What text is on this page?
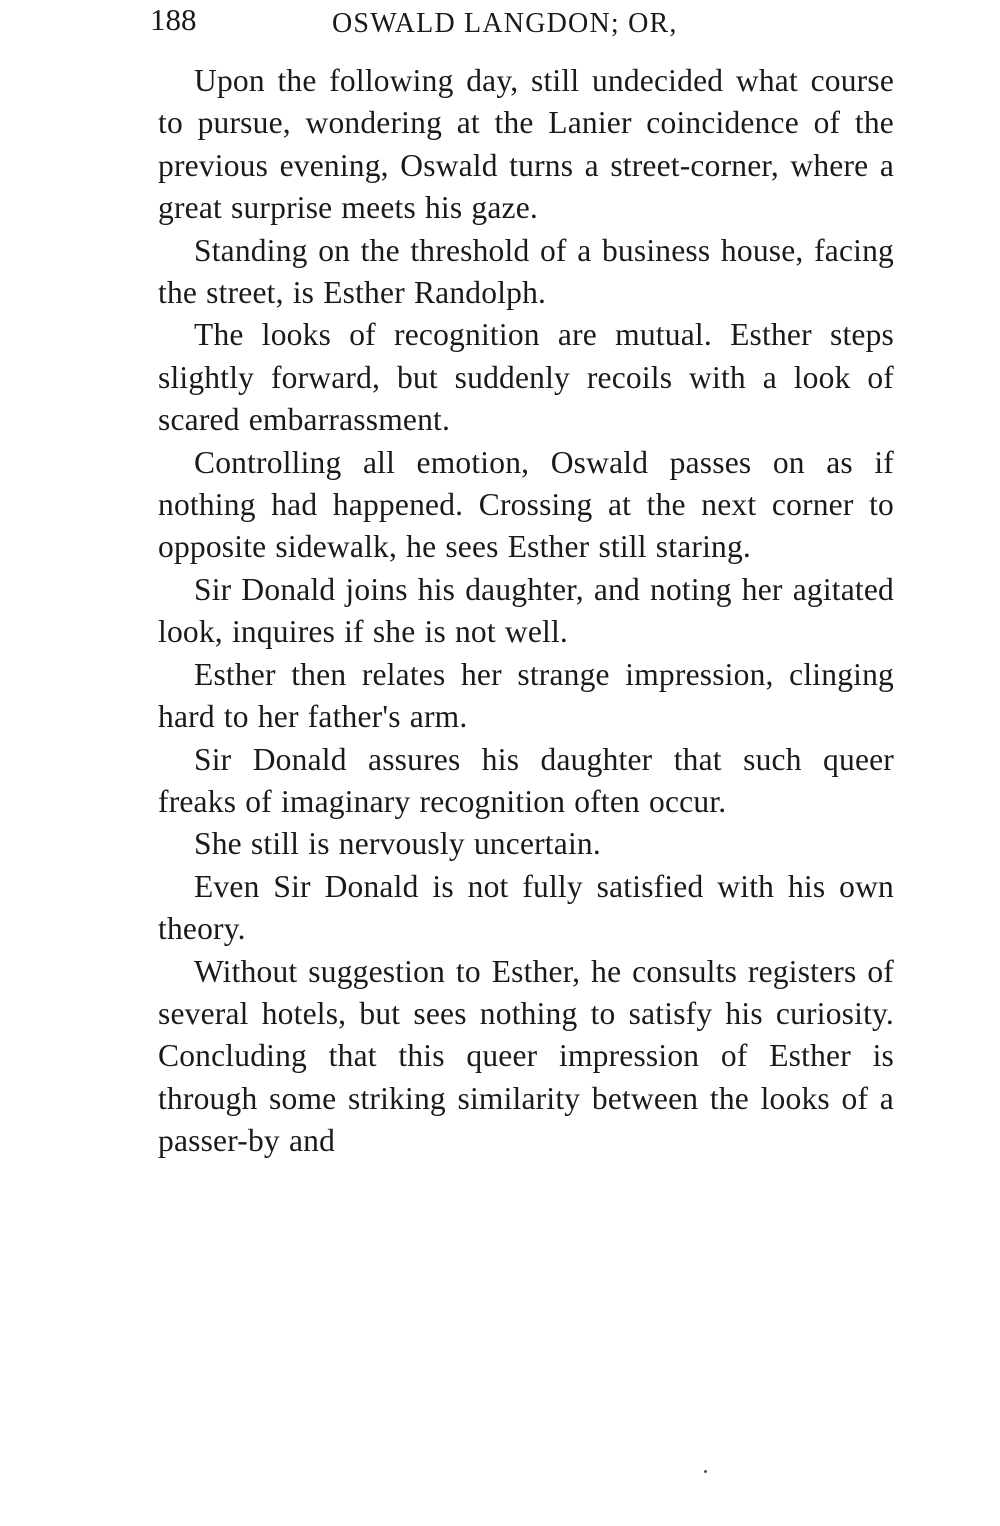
188	OSWALD LANGDON; OR,

Upon the following day, still undecided what course to pursue, wondering at the Lanier coincidence of the previous evening, Oswald turns a street-corner, where a great surprise meets his gaze.

Standing on the threshold of a business house, facing the street, is Esther Randolph.

The looks of recognition are mutual. Esther steps slightly forward, but suddenly recoils with a look of scared embarrassment.

Controlling all emotion, Oswald passes on as if nothing had happened. Crossing at the next corner to opposite sidewalk, he sees Esther still staring.

Sir Donald joins his daughter, and noting her agitated look, inquires if she is not well.

Esther then relates her strange impression, clinging hard to her father's arm.

Sir Donald assures his daughter that such queer freaks of imaginary recognition often occur.

She still is nervously uncertain.

Even Sir Donald is not fully satisfied with his own theory.

Without suggestion to Esther, he consults registers of several hotels, but sees nothing to satisfy his curiosity. Concluding that this queer impression of Esther is through some striking similarity between the looks of a passer-by and
